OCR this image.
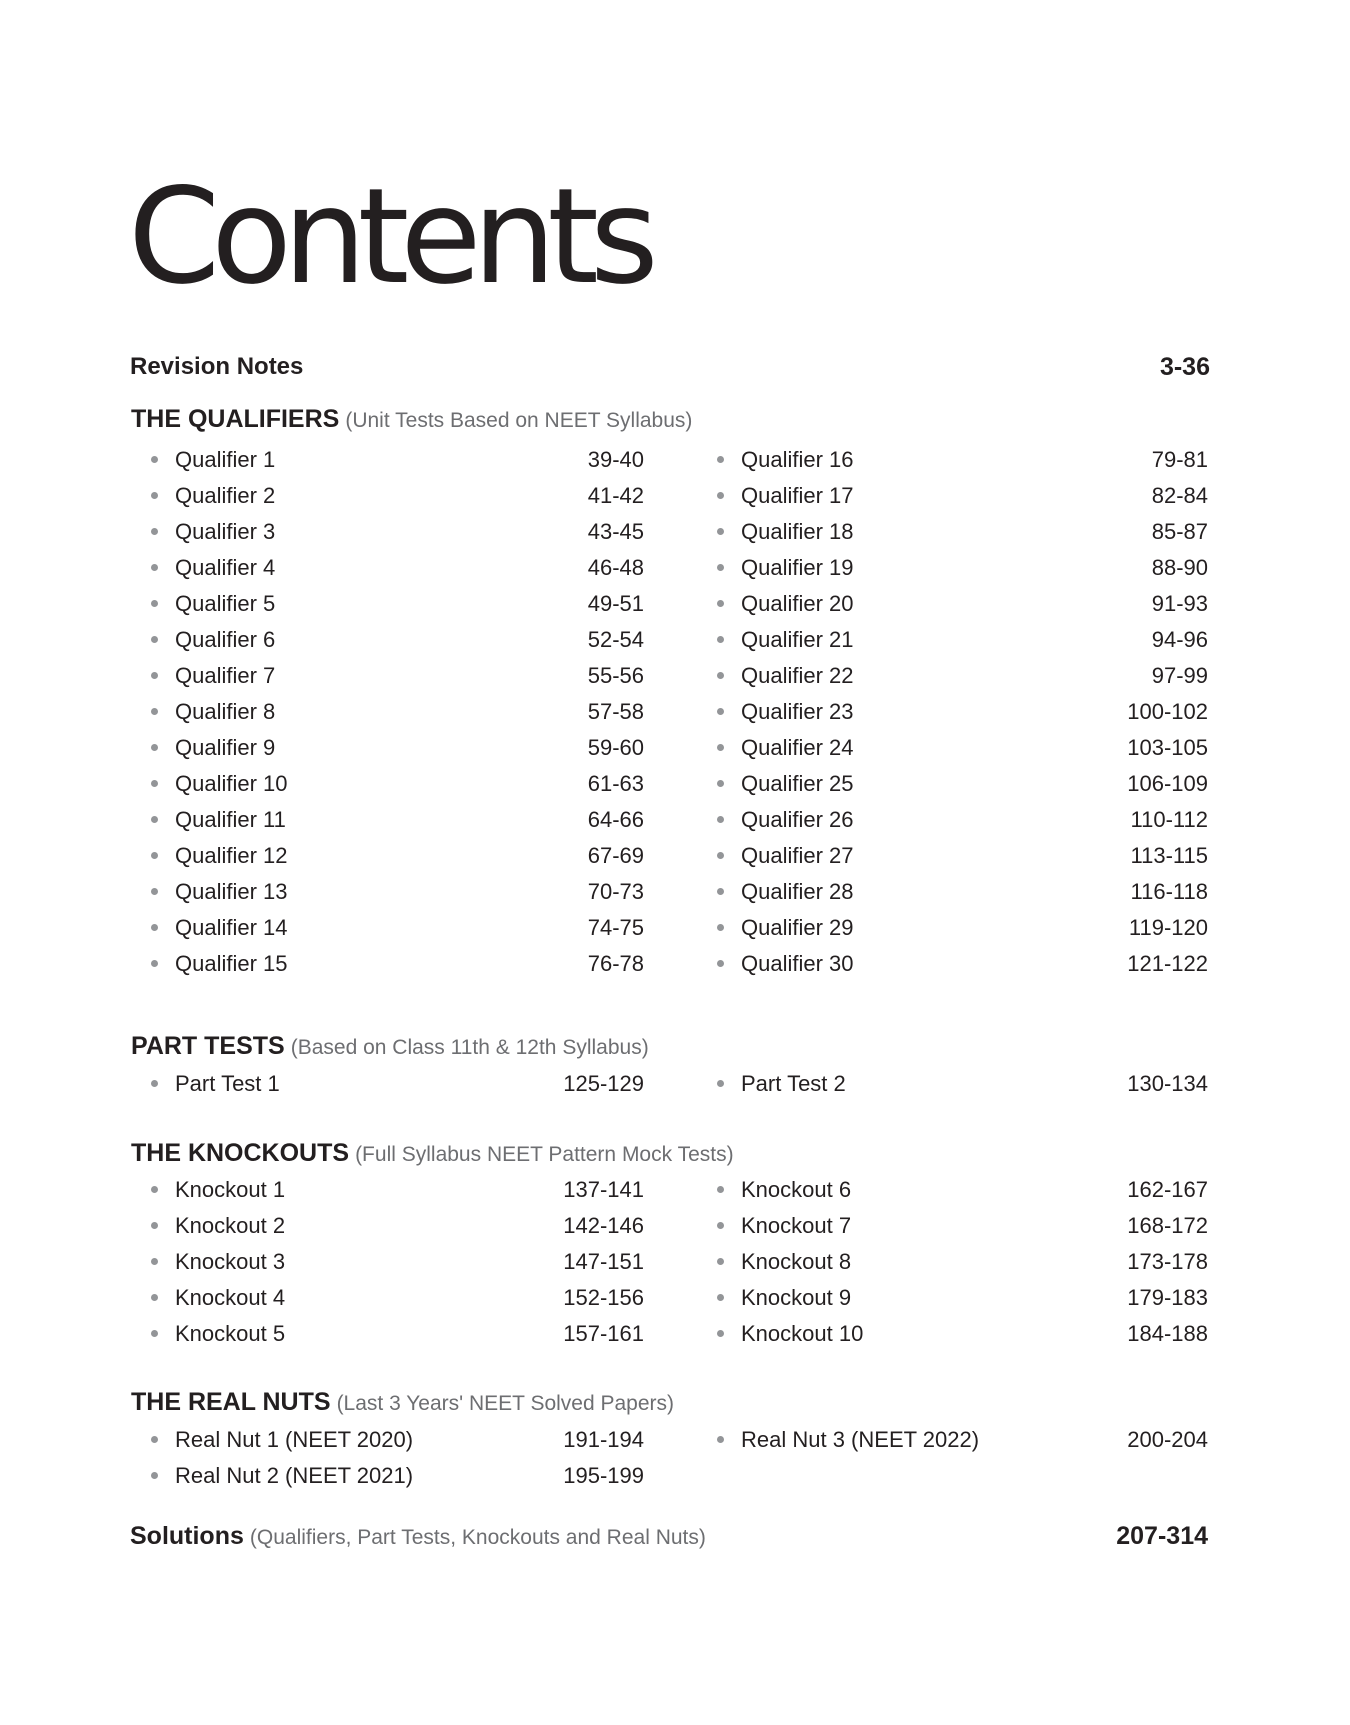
Contents
Revision Notes	3-36
THE QUALIFIERS (Unit Tests Based on NEET Syllabus)
Qualifier 1	39-40
Qualifier 2	41-42
Qualifier 3	43-45
Qualifier 4	46-48
Qualifier 5	49-51
Qualifier 6	52-54
Qualifier 7	55-56
Qualifier 8	57-58
Qualifier 9	59-60
Qualifier 10	61-63
Qualifier 11	64-66
Qualifier 12	67-69
Qualifier 13	70-73
Qualifier 14	74-75
Qualifier 15	76-78
Qualifier 16	79-81
Qualifier 17	82-84
Qualifier 18	85-87
Qualifier 19	88-90
Qualifier 20	91-93
Qualifier 21	94-96
Qualifier 22	97-99
Qualifier 23	100-102
Qualifier 24	103-105
Qualifier 25	106-109
Qualifier 26	110-112
Qualifier 27	113-115
Qualifier 28	116-118
Qualifier 29	119-120
Qualifier 30	121-122
PART TESTS (Based on Class 11th & 12th Syllabus)
Part Test 1	125-129	Part Test 2	130-134
THE KNOCKOUTS (Full Syllabus NEET Pattern Mock Tests)
Knockout 1	137-141
Knockout 2	142-146
Knockout 3	147-151
Knockout 4	152-156
Knockout 5	157-161
Knockout 6	162-167
Knockout 7	168-172
Knockout 8	173-178
Knockout 9	179-183
Knockout 10	184-188
THE REAL NUTS (Last 3 Years' NEET Solved Papers)
Real Nut 1 (NEET 2020)	191-194
Real Nut 2 (NEET 2021)	195-199
Real Nut 3 (NEET 2022)	200-204
Solutions (Qualifiers, Part Tests, Knockouts and Real Nuts)	207-314
